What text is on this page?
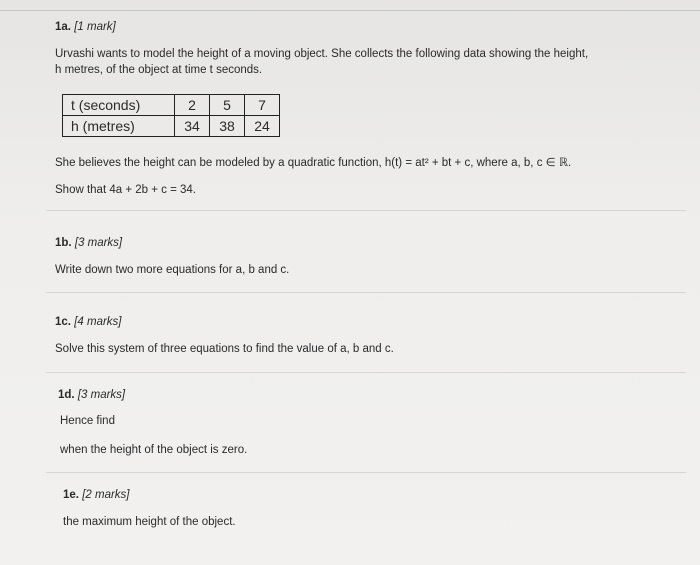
1a. [1 mark]
Urvashi wants to model the height of a moving object. She collects the following data showing the height,
h metres, of the object at time t seconds.
t (seconds)	2	5	7
h (metres)	34	38	24
She believes the height can be modeled by a quadratic function, h(t) = at² + bt + c, where a, b, c ∈ ℝ.
Show that 4a + 2b + c = 34.
1b. [3 marks]
Write down two more equations for a, b and c.
1c. [4 marks]
Solve this system of three equations to find the value of a, b and c.
1d. [3 marks]
Hence find
when the height of the object is zero.
1e. [2 marks]
the maximum height of the object.
